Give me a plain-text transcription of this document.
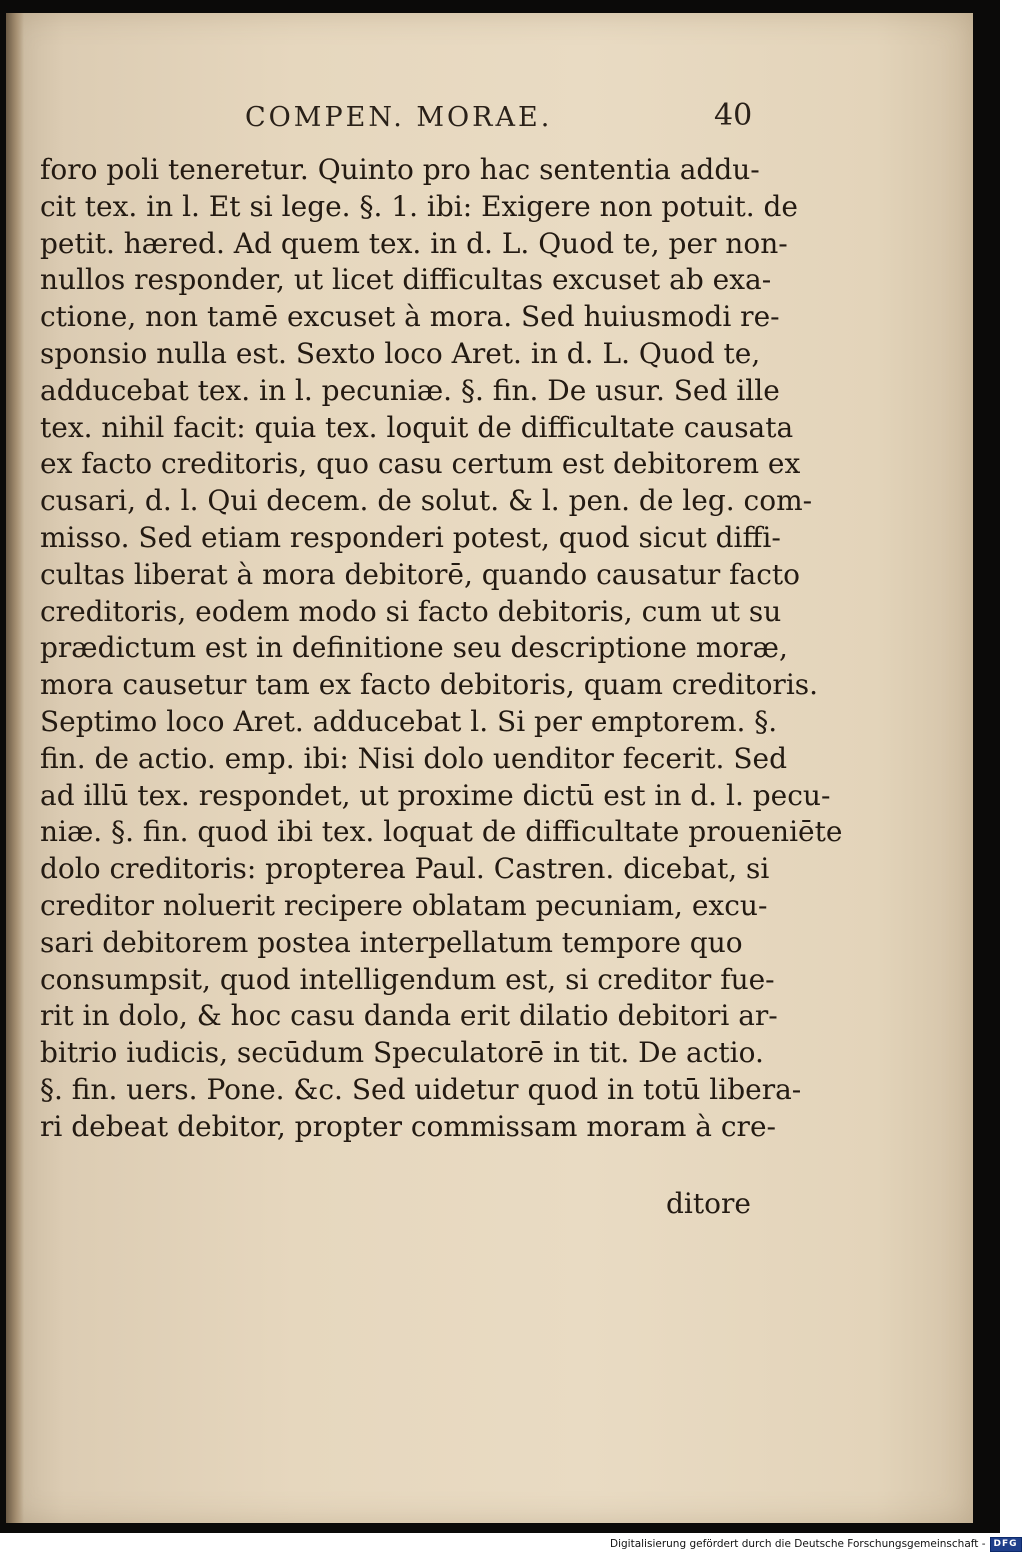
COMPEN. MORAE.	40
foro poli teneretur. Quinto pro hac sententia addu-
cit tex. in l. Et si lege. §. 1. ibi: Exigere non potuit. de
petit. hæred. Ad quem tex. in d. L. Quod te, per non-
nullos responder, ut licet difficultas excuset ab exa-
ctione, non tamē excuset à mora. Sed huiusmodi re-
sponsio nulla est. Sexto loco Aret. in d. L. Quod te,
adducebat tex. in l. pecuniæ. §. fin. De usur. Sed ille
tex. nihil facit: quia tex. loquit de difficultate causata
ex facto creditoris, quo casu certum est debitorem ex
cusari, d. l. Qui decem. de solut. & l. pen. de leg. com-
misso. Sed etiam responderi potest, quod sicut diffi-
cultas liberat à mora debitorē, quando causatur facto
creditoris, eodem modo si facto debitoris, cum ut su
prædictum est in definitione seu descriptione moræ,
mora causetur tam ex facto debitoris, quam creditoris.
Septimo loco Aret. adducebat l. Si per emptorem. §.
fin. de actio. emp. ibi: Nisi dolo uenditor fecerit. Sed
ad illū tex. respondet, ut proxime dictū est in d. l. pecu-
niæ. §. fin. quod ibi tex. loquat de difficultate proueniēte
dolo creditoris: propterea Paul. Castren. dicebat, si
creditor noluerit recipere oblatam pecuniam, excu-
sari debitorem postea interpellatum tempore quo
consumpsit, quod intelligendum est, si creditor fue-
rit in dolo, & hoc casu danda erit dilatio debitori ar-
bitrio iudicis, secūdum Speculatorē in tit. De actio.
§. fin. uers. Pone. &c. Sed uidetur quod in totū libera-
ri debeat debitor, propter commissam moram à cre-
ditore
Digitalisierung gefördert durch die Deutsche Forschungsgemeinschaft - DFG
